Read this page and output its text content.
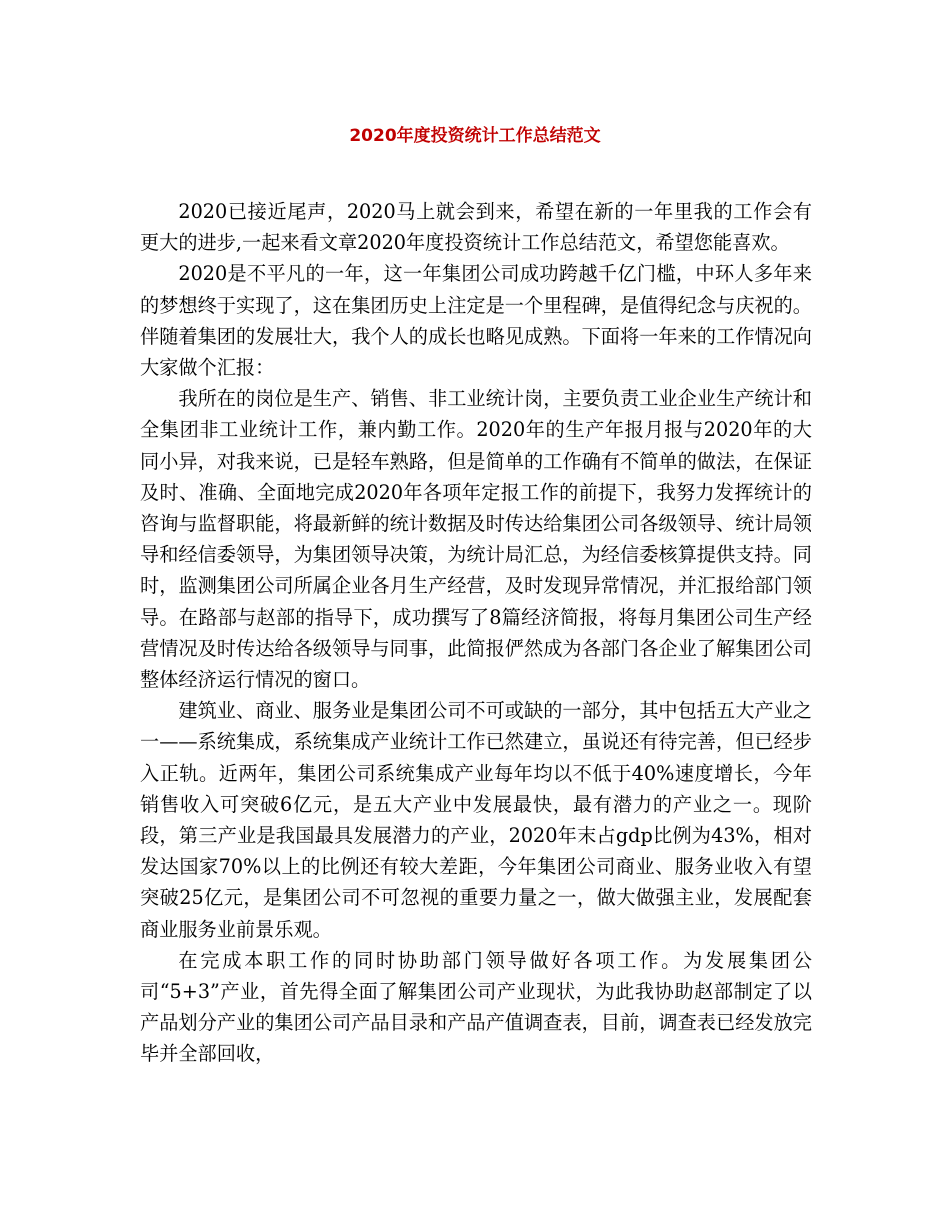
2020年度投资统计工作总结范文

2020已接近尾声，2020马上就会到来，希望在新的一年里我的工作会有更大的进步,一起来看文章2020年度投资统计工作总结范文，希望您能喜欢。

2020是不平凡的一年，这一年集团公司成功跨越千亿门槛，中环人多年来的梦想终于实现了，这在集团历史上注定是一个里程碑，是值得纪念与庆祝的。伴随着集团的发展壮大，我个人的成长也略见成熟。下面将一年来的工作情况向大家做个汇报：

我所在的岗位是生产、销售、非工业统计岗，主要负责工业企业生产统计和全集团非工业统计工作，兼内勤工作。2020年的生产年报月报与2020年的大同小异，对我来说，已是轻车熟路，但是简单的工作确有不简单的做法，在保证及时、准确、全面地完成2020年各项年定报工作的前提下，我努力发挥统计的咨询与监督职能，将最新鲜的统计数据及时传达给集团公司各级领导、统计局领导和经信委领导，为集团领导决策，为统计局汇总，为经信委核算提供支持。同时，监测集团公司所属企业各月生产经营，及时发现异常情况，并汇报给部门领导。在路部与赵部的指导下，成功撰写了8篇经济简报，将每月集团公司生产经营情况及时传达给各级领导与同事，此简报俨然成为各部门各企业了解集团公司整体经济运行情况的窗口。

建筑业、商业、服务业是集团公司不可或缺的一部分，其中包括五大产业之一——系统集成，系统集成产业统计工作已然建立，虽说还有待完善，但已经步入正轨。近两年，集团公司系统集成产业每年均以不低于40%速度增长，今年销售收入可突破6亿元，是五大产业中发展最快，最有潜力的产业之一。现阶段，第三产业是我国最具发展潜力的产业，2020年末占gdp比例为43%，相对发达国家70%以上的比例还有较大差距，今年集团公司商业、服务业收入有望突破25亿元，是集团公司不可忽视的重要力量之一，做大做强主业，发展配套商业服务业前景乐观。

在完成本职工作的同时协助部门领导做好各项工作。为发展集团公司“5+3”产业，首先得全面了解集团公司产业现状，为此我协助赵部制定了以产品划分产业的集团公司产品目录和产品产值调查表，目前，调查表已经发放完毕并全部回收，
